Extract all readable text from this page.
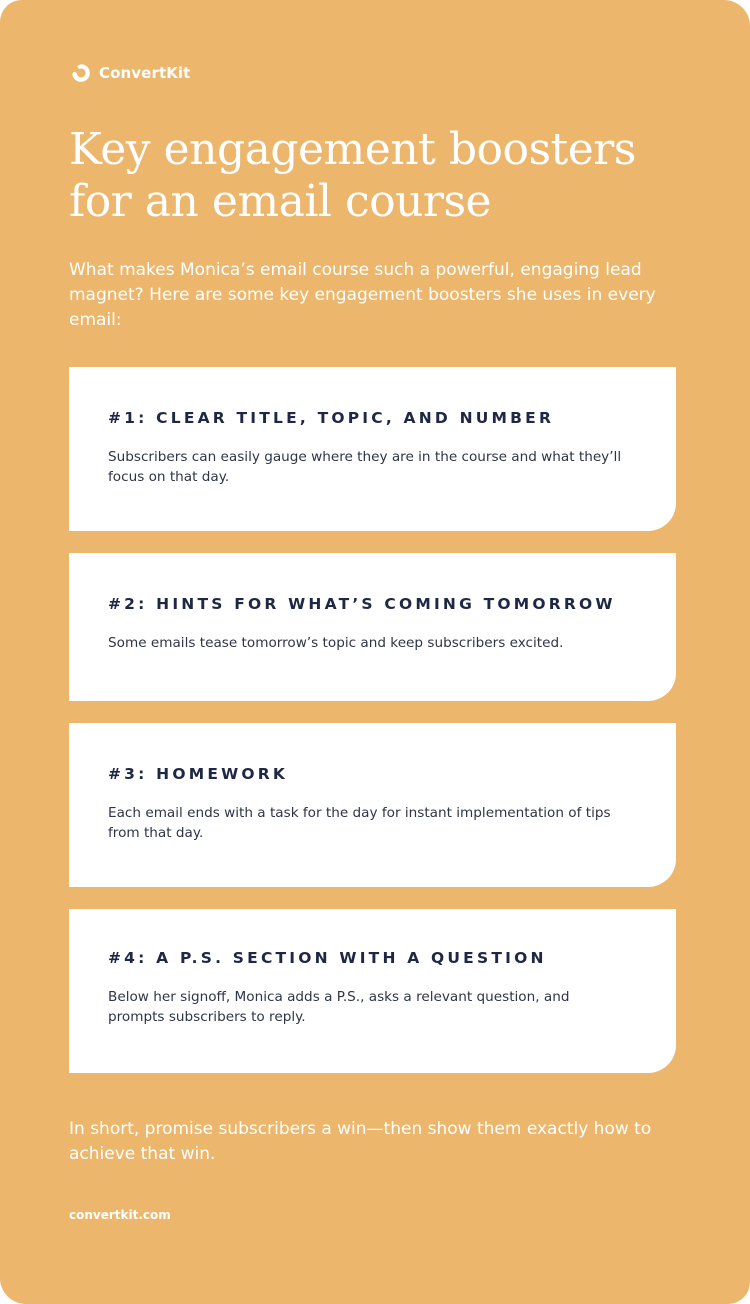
ConvertKit
Key engagement boosters
for an email course

What makes Monica’s email course such a powerful, engaging lead magnet? Here are some key engagement boosters she uses in every email:

#1: CLEAR TITLE, TOPIC, AND NUMBER

Subscribers can easily gauge where they are in the course and what they’ll focus on that day.

#2: HINTS FOR WHAT’S COMING TOMORROW

Some emails tease tomorrow’s topic and keep subscribers excited.

#3: HOMEWORK

Each email ends with a task for the day for instant implementation of tips from that day.

#4: A P.S. SECTION WITH A QUESTION

Below her signoff, Monica adds a P.S., asks a relevant question, and prompts subscribers to reply.

In short, promise subscribers a win—then show them exactly how to achieve that win.

convertkit.com
